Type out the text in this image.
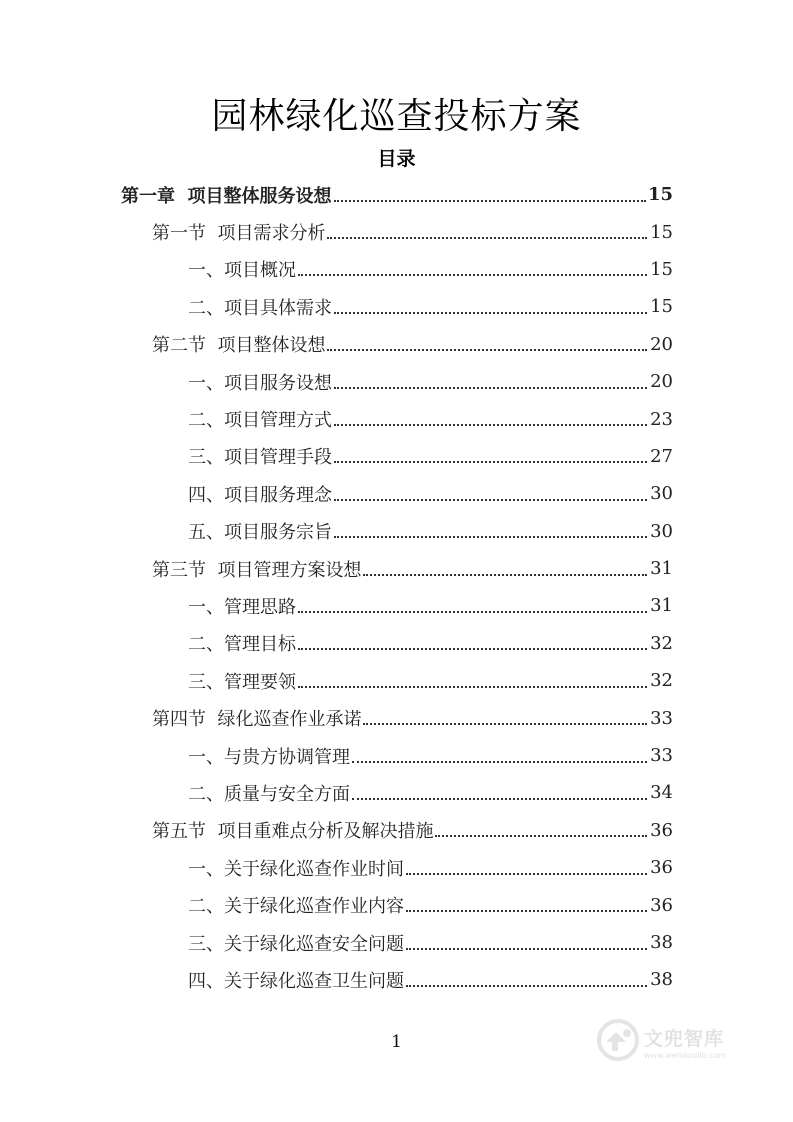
园林绿化巡查投标方案
目录
第一章  项目整体服务设想	15
第一节  项目需求分析	15
一、项目概况	15
二、项目具体需求	15
第二节  项目整体设想	20
一、项目服务设想	20
二、项目管理方式	23
三、项目管理手段	27
四、项目服务理念	30
五、项目服务宗旨	30
第三节  项目管理方案设想	31
一、管理思路	31
二、管理目标	32
三、管理要领	32
第四节  绿化巡查作业承诺	33
一、与贵方协调管理	33
二、质量与安全方面	34
第五节  项目重难点分析及解决措施	36
一、关于绿化巡查作业时间	36
二、关于绿化巡查作业内容	36
三、关于绿化巡查安全问题	38
四、关于绿化巡查卫生问题	38
1	文兜智库
www.wendoulib.com
